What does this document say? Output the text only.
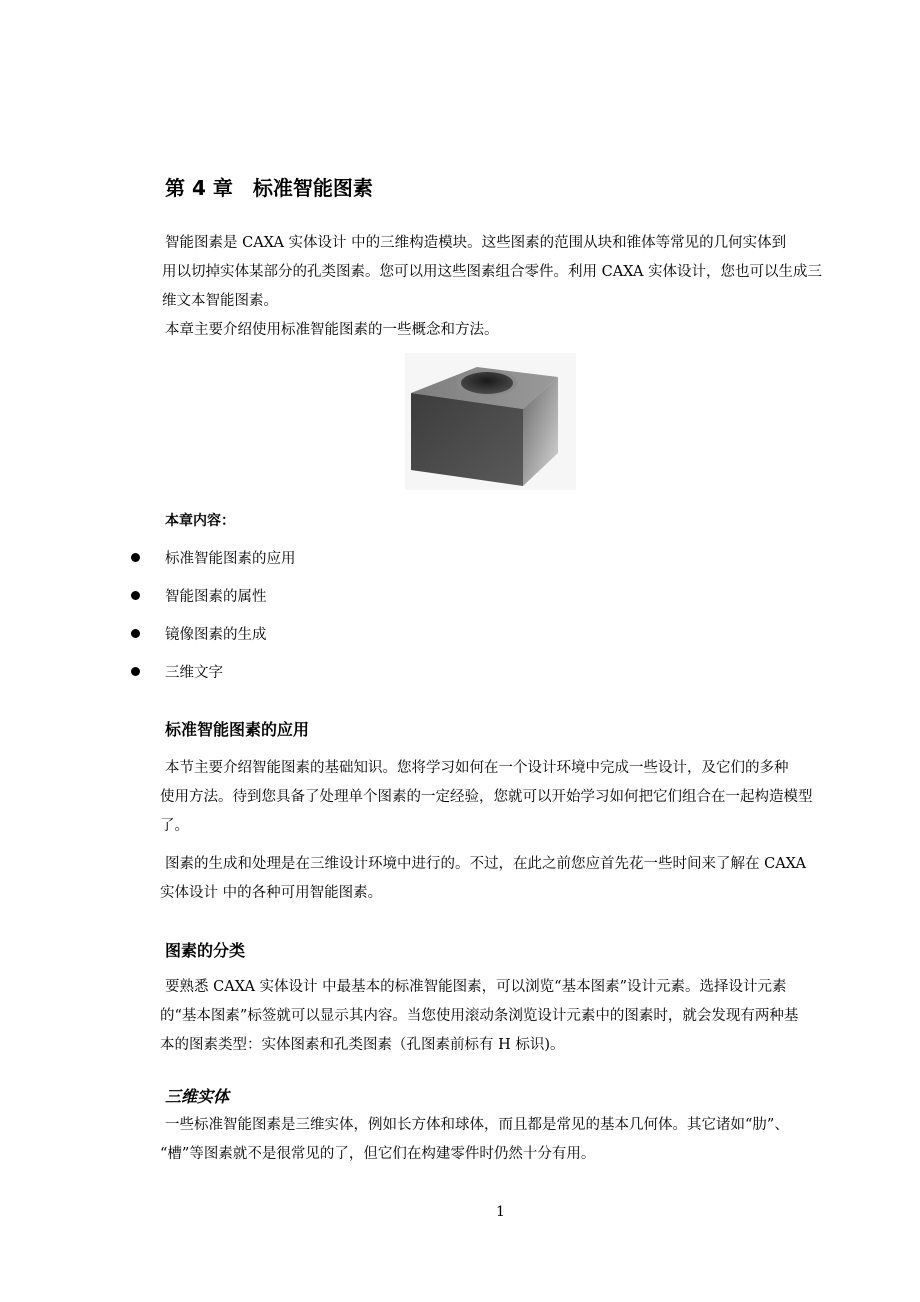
第 4 章　标准智能图素
智能图素是 CAXA 实体设计 中的三维构造模块。这些图素的范围从块和锥体等常见的几何实体到
用以切掉实体某部分的孔类图素。您可以用这些图素组合零件。利用 CAXA 实体设计，您也可以生成三
维文本智能图素。
本章主要介绍使用标准智能图素的一些概念和方法。
本章内容：
标准智能图素的应用
智能图素的属性
镜像图素的生成
三维文字
标准智能图素的应用
本节主要介绍智能图素的基础知识。您将学习如何在一个设计环境中完成一些设计，及它们的多种
使用方法。待到您具备了处理单个图素的一定经验，您就可以开始学习如何把它们组合在一起构造模型
了。
图素的生成和处理是在三维设计环境中进行的。不过，在此之前您应首先花一些时间来了解在 CAXA
实体设计 中的各种可用智能图素。
图素的分类
要熟悉 CAXA 实体设计 中最基本的标准智能图素，可以浏览“基本图素”设计元素。选择设计元素
的“基本图素”标签就可以显示其内容。当您使用滚动条浏览设计元素中的图素时，就会发现有两种基
本的图素类型：实体图素和孔类图素（孔图素前标有 H 标识)。
三维实体
一些标准智能图素是三维实体，例如长方体和球体，而且都是常见的基本几何体。其它诸如“肋”、
“槽”等图素就不是很常见的了，但它们在构建零件时仍然十分有用。
1
